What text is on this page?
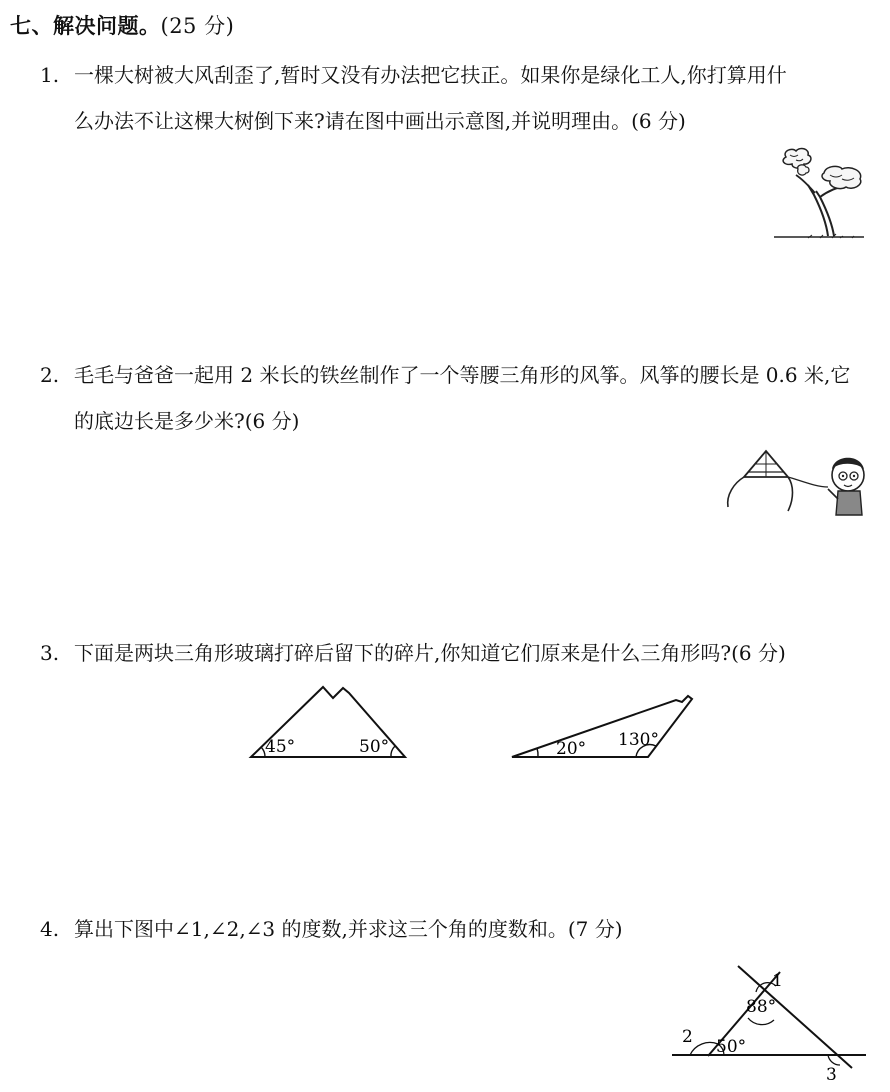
七、解决问题。(25 分)
1. 一棵大树被大风刮歪了,暂时又没有办法把它扶正。如果你是绿化工人,你打算用什
么办法不让这棵大树倒下来?请在图中画出示意图,并说明理由。(6 分)
2. 毛毛与爸爸一起用 2 米长的铁丝制作了一个等腰三角形的风筝。风筝的腰长是 0.6 米,它
的底边长是多少米?(6 分)
3. 下面是两块三角形玻璃打碎后留下的碎片,你知道它们原来是什么三角形吗?(6 分)
45°	50°	20° 130°
4. 算出下图中∠1,∠2,∠3 的度数,并求这三个角的度数和。(7 分)
1
88°
2 50°
3
